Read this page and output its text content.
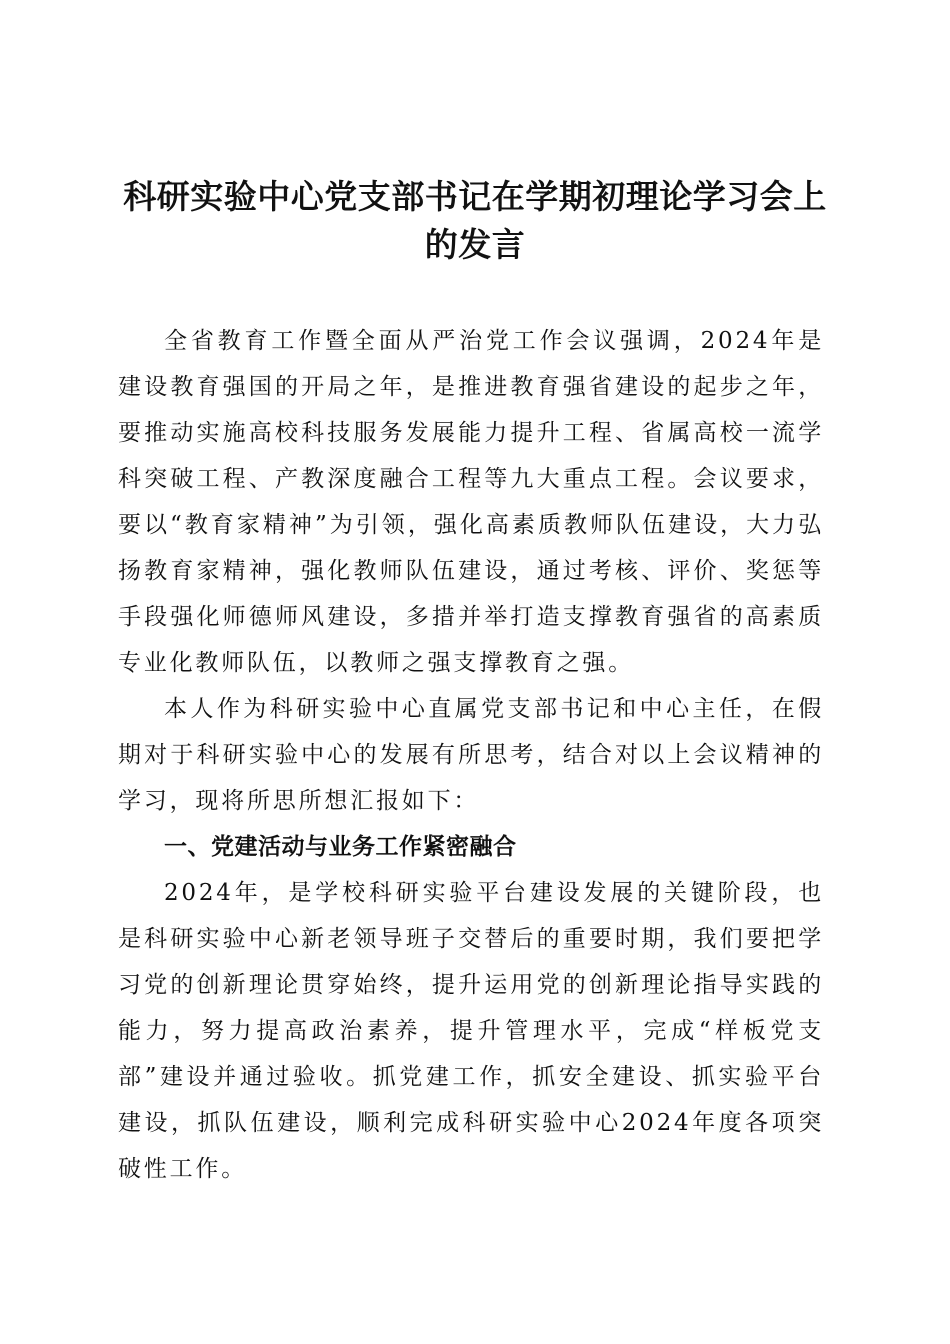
科研实验中心党支部书记在学期初理论学习会上的发言

全省教育工作暨全面从严治党工作会议强调，2024年是建设教育强国的开局之年，是推进教育强省建设的起步之年，要推动实施高校科技服务发展能力提升工程、省属高校一流学科突破工程、产教深度融合工程等九大重点工程。会议要求，要以“教育家精神”为引领，强化高素质教师队伍建设，大力弘扬教育家精神，强化教师队伍建设，通过考核、评价、奖惩等手段强化师德师风建设，多措并举打造支撑教育强省的高素质专业化教师队伍，以教师之强支撑教育之强。

本人作为科研实验中心直属党支部书记和中心主任，在假期对于科研实验中心的发展有所思考，结合对以上会议精神的学习，现将所思所想汇报如下：

一、党建活动与业务工作紧密融合

2024年，是学校科研实验平台建设发展的关键阶段，也是科研实验中心新老领导班子交替后的重要时期，我们要把学习党的创新理论贯穿始终，提升运用党的创新理论指导实践的能力，努力提高政治素养，提升管理水平，完成“样板党支部”建设并通过验收。抓党建工作，抓安全建设、抓实验平台建设，抓队伍建设，顺利完成科研实验中心2024年度各项突破性工作。
